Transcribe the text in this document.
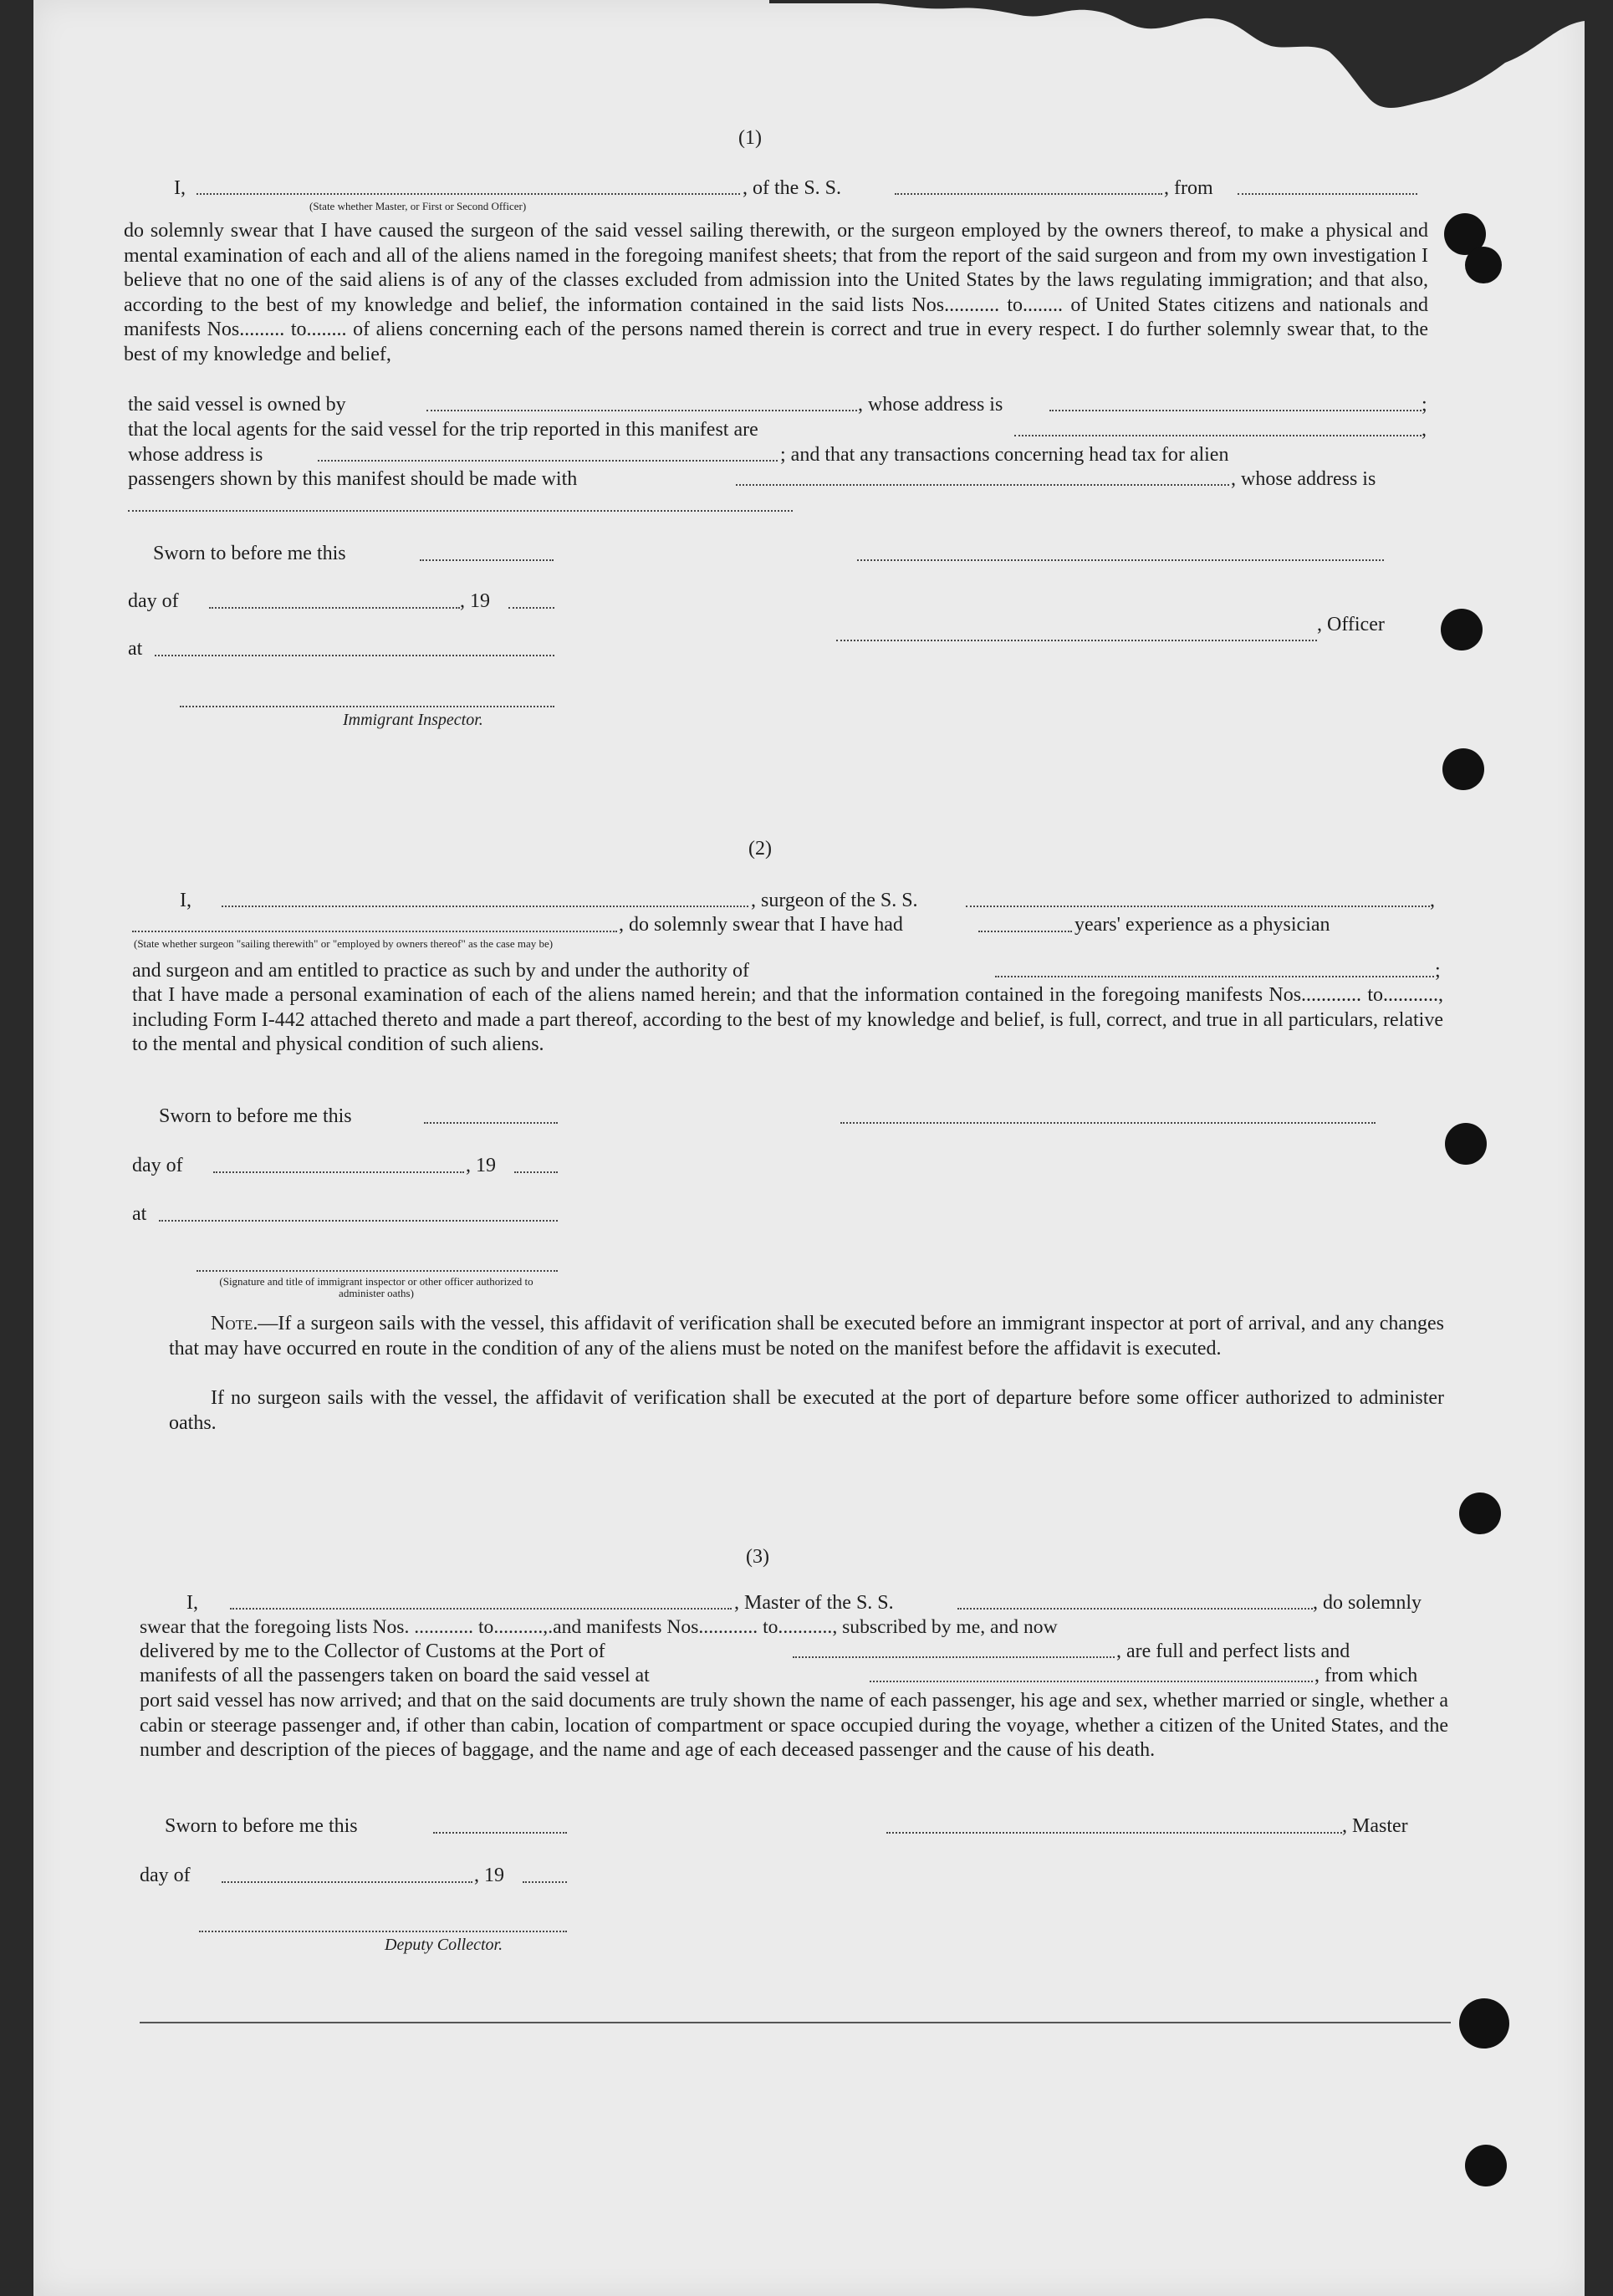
(1)
I,	, of the S. S.	, from
(State whether Master, or First or Second Officer)

do solemnly swear that I have caused the surgeon of the said vessel sailing therewith, or the surgeon employed by the owners thereof, to make a physical and mental examination of each and all of the aliens named in the foregoing manifest sheets; that from the report of the said surgeon and from my own investigation I believe that no one of the said aliens is of any of the classes excluded from admission into the United States by the laws regulating immigration; and that also, according to the best of my knowledge and belief, the information contained in the said lists Nos........... to........ of United States citizens and nationals and manifests Nos......... to........ of aliens concerning each of the persons named therein is correct and true in every respect. I do further solemnly swear that, to the best of my knowledge and belief,

the said vessel is owned by	, whose address is	;
that the local agents for the said vessel for the trip reported in this manifest are	,
whose address is	; and that any transactions concerning head tax for alien
passengers shown by this manifest should be made with	, whose address is
Sworn to before me this
day of	, 19
, Officer
at
Immigrant Inspector.
(2)
I,	, surgeon of the S. S.	,
, do solemnly swear that I have had	years' experience as a physician
(State whether surgeon "sailing therewith" or "employed by owners thereof" as the case may be)
and surgeon and am entitled to practice as such by and under the authority of	;

that I have made a personal examination of each of the aliens named herein; and that the information contained in the foregoing manifests Nos............ to..........., including Form I-442 attached thereto and made a part thereof, according to the best of my knowledge and belief, is full, correct, and true in all particulars, relative to the mental and physical condition of such aliens.

Sworn to before me this
day of	, 19
at
(Signature and title of immigrant inspector or other officer authorized to administer oaths)

Note.—If a surgeon sails with the vessel, this affidavit of verification shall be executed before an immigrant inspector at port of arrival, and any changes that may have occurred en route in the condition of any of the aliens must be noted on the manifest before the affidavit is executed.

If no surgeon sails with the vessel, the affidavit of verification shall be executed at the port of departure before some officer authorized to administer oaths.

(3)
I,	, Master of the S. S.	, do solemnly
swear that the foregoing lists Nos. ............ to..........,.and manifests Nos............ to..........., subscribed by me, and now
delivered by me to the Collector of Customs at the Port of	, are full and perfect lists and
manifests of all the passengers taken on board the said vessel at	, from which

port said vessel has now arrived; and that on the said documents are truly shown the name of each passenger, his age and sex, whether married or single, whether a cabin or steerage passenger and, if other than cabin, location of compartment or space occupied during the voyage, whether a citizen of the United States, and the number and description of the pieces of baggage, and the name and age of each deceased passenger and the cause of his death.

Sworn to before me this	, Master
day of	, 19
Deputy Collector.
